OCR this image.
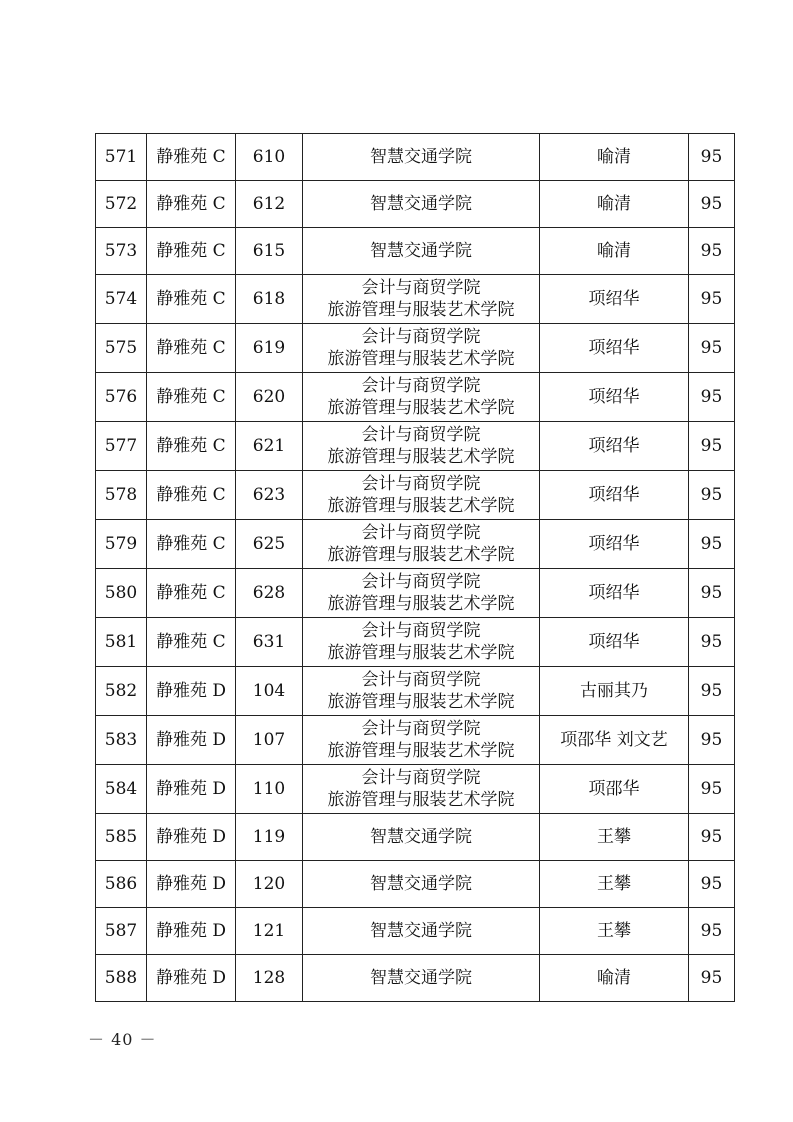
571	静雅苑 C	610	智慧交通学院	喻清	95
572	静雅苑 C	612	智慧交通学院	喻清	95
573	静雅苑 C	615	智慧交通学院	喻清	95
574	静雅苑 C	618	会计与商贸学院
旅游管理与服装艺术学院	项绍华	95
575	静雅苑 C	619	会计与商贸学院
旅游管理与服装艺术学院	项绍华	95
576	静雅苑 C	620	会计与商贸学院
旅游管理与服装艺术学院	项绍华	95
577	静雅苑 C	621	会计与商贸学院
旅游管理与服装艺术学院	项绍华	95
578	静雅苑 C	623	会计与商贸学院
旅游管理与服装艺术学院	项绍华	95
579	静雅苑 C	625	会计与商贸学院
旅游管理与服装艺术学院	项绍华	95
580	静雅苑 C	628	会计与商贸学院
旅游管理与服装艺术学院	项绍华	95
581	静雅苑 C	631	会计与商贸学院
旅游管理与服装艺术学院	项绍华	95
582	静雅苑 D	104	会计与商贸学院
旅游管理与服装艺术学院	古丽其乃	95
583	静雅苑 D	107	会计与商贸学院
旅游管理与服装艺术学院	项邵华 刘文艺	95
584	静雅苑 D	110	会计与商贸学院
旅游管理与服装艺术学院	项邵华	95
585	静雅苑 D	119	智慧交通学院	王攀	95
586	静雅苑 D	120	智慧交通学院	王攀	95
587	静雅苑 D	121	智慧交通学院	王攀	95
588	静雅苑 D	128	智慧交通学院	喻清	95
－ 40 －
